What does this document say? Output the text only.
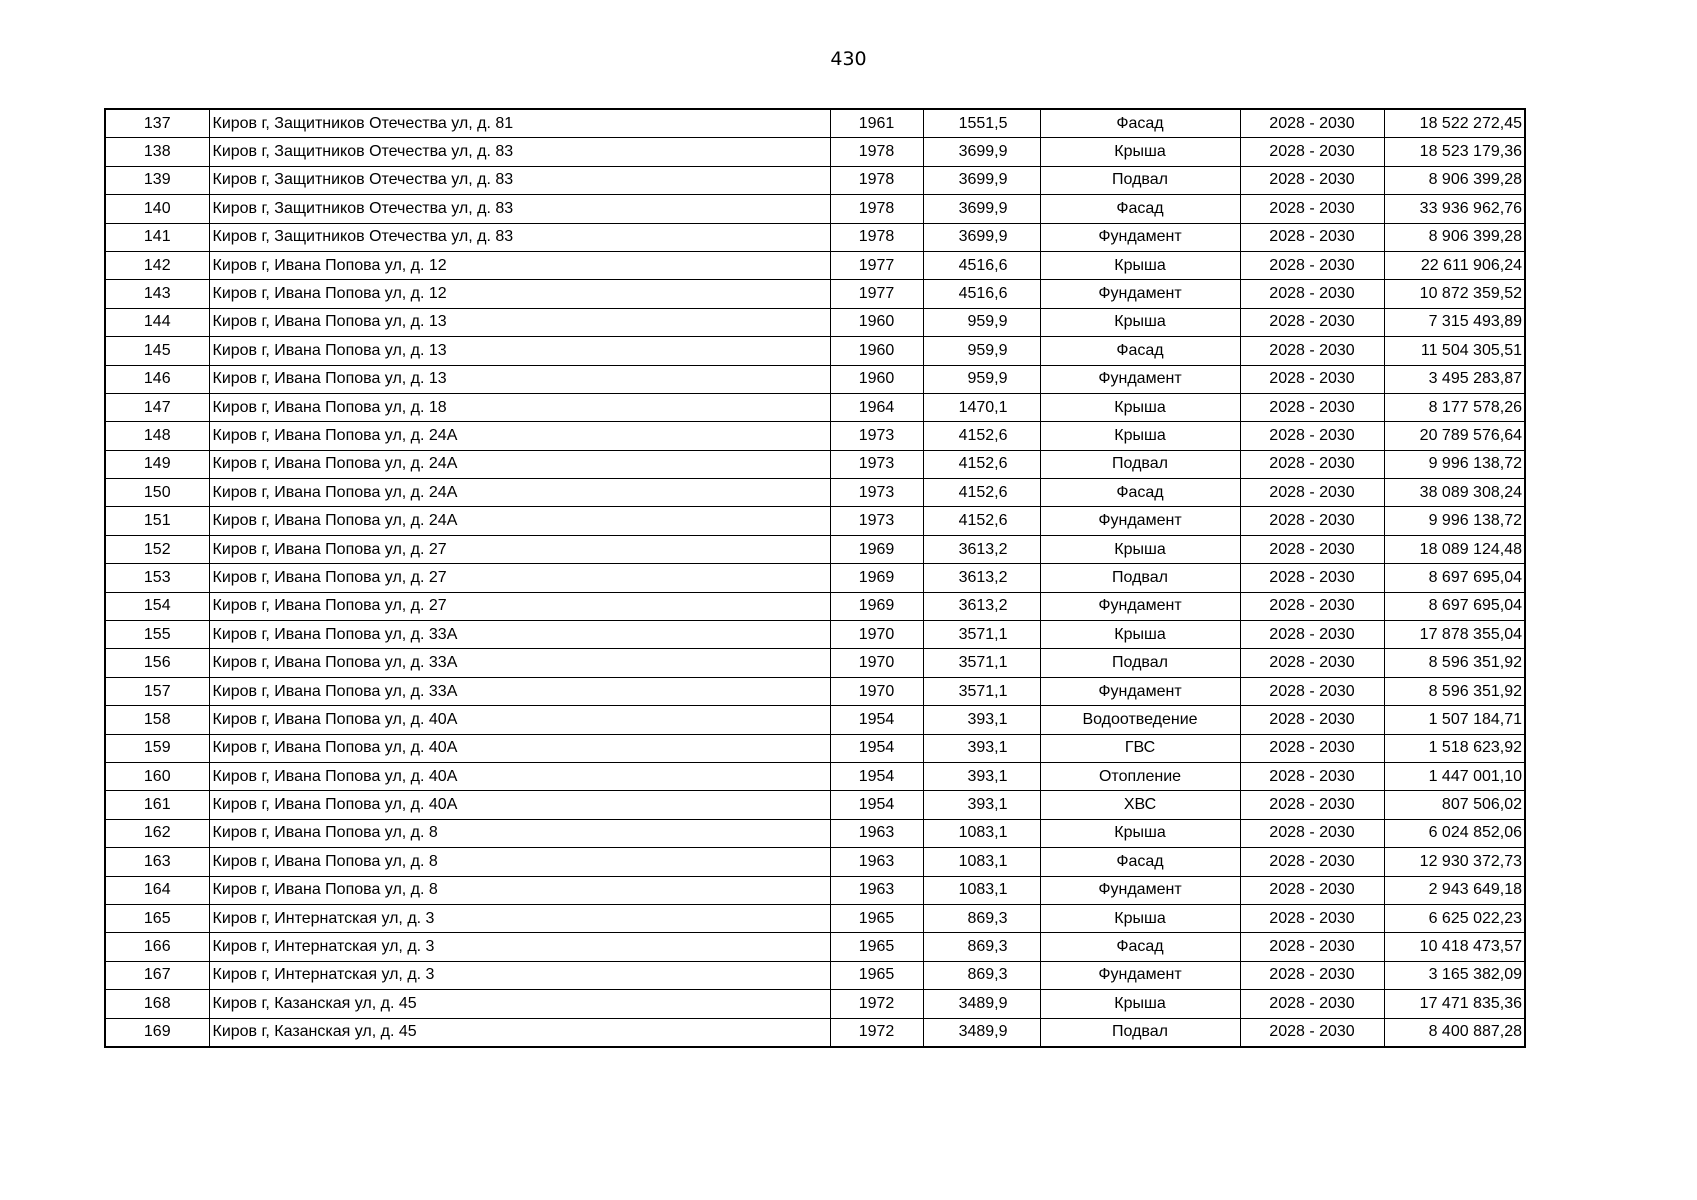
430
137	Киров г, Защитников Отечества ул, д. 81	1961	1551,5	Фасад	2028 - 2030	18 522 272,45
138	Киров г, Защитников Отечества ул, д. 83	1978	3699,9	Крыша	2028 - 2030	18 523 179,36
139	Киров г, Защитников Отечества ул, д. 83	1978	3699,9	Подвал	2028 - 2030	8 906 399,28
140	Киров г, Защитников Отечества ул, д. 83	1978	3699,9	Фасад	2028 - 2030	33 936 962,76
141	Киров г, Защитников Отечества ул, д. 83	1978	3699,9	Фундамент	2028 - 2030	8 906 399,28
142	Киров г, Ивана Попова ул, д. 12	1977	4516,6	Крыша	2028 - 2030	22 611 906,24
143	Киров г, Ивана Попова ул, д. 12	1977	4516,6	Фундамент	2028 - 2030	10 872 359,52
144	Киров г, Ивана Попова ул, д. 13	1960	959,9	Крыша	2028 - 2030	7 315 493,89
145	Киров г, Ивана Попова ул, д. 13	1960	959,9	Фасад	2028 - 2030	11 504 305,51
146	Киров г, Ивана Попова ул, д. 13	1960	959,9	Фундамент	2028 - 2030	3 495 283,87
147	Киров г, Ивана Попова ул, д. 18	1964	1470,1	Крыша	2028 - 2030	8 177 578,26
148	Киров г, Ивана Попова ул, д. 24А	1973	4152,6	Крыша	2028 - 2030	20 789 576,64
149	Киров г, Ивана Попова ул, д. 24А	1973	4152,6	Подвал	2028 - 2030	9 996 138,72
150	Киров г, Ивана Попова ул, д. 24А	1973	4152,6	Фасад	2028 - 2030	38 089 308,24
151	Киров г, Ивана Попова ул, д. 24А	1973	4152,6	Фундамент	2028 - 2030	9 996 138,72
152	Киров г, Ивана Попова ул, д. 27	1969	3613,2	Крыша	2028 - 2030	18 089 124,48
153	Киров г, Ивана Попова ул, д. 27	1969	3613,2	Подвал	2028 - 2030	8 697 695,04
154	Киров г, Ивана Попова ул, д. 27	1969	3613,2	Фундамент	2028 - 2030	8 697 695,04
155	Киров г, Ивана Попова ул, д. 33А	1970	3571,1	Крыша	2028 - 2030	17 878 355,04
156	Киров г, Ивана Попова ул, д. 33А	1970	3571,1	Подвал	2028 - 2030	8 596 351,92
157	Киров г, Ивана Попова ул, д. 33А	1970	3571,1	Фундамент	2028 - 2030	8 596 351,92
158	Киров г, Ивана Попова ул, д. 40А	1954	393,1	Водоотведение	2028 - 2030	1 507 184,71
159	Киров г, Ивана Попова ул, д. 40А	1954	393,1	ГВС	2028 - 2030	1 518 623,92
160	Киров г, Ивана Попова ул, д. 40А	1954	393,1	Отопление	2028 - 2030	1 447 001,10
161	Киров г, Ивана Попова ул, д. 40А	1954	393,1	ХВС	2028 - 2030	807 506,02
162	Киров г, Ивана Попова ул, д. 8	1963	1083,1	Крыша	2028 - 2030	6 024 852,06
163	Киров г, Ивана Попова ул, д. 8	1963	1083,1	Фасад	2028 - 2030	12 930 372,73
164	Киров г, Ивана Попова ул, д. 8	1963	1083,1	Фундамент	2028 - 2030	2 943 649,18
165	Киров г, Интернатская ул, д. 3	1965	869,3	Крыша	2028 - 2030	6 625 022,23
166	Киров г, Интернатская ул, д. 3	1965	869,3	Фасад	2028 - 2030	10 418 473,57
167	Киров г, Интернатская ул, д. 3	1965	869,3	Фундамент	2028 - 2030	3 165 382,09
168	Киров г, Казанская ул, д. 45	1972	3489,9	Крыша	2028 - 2030	17 471 835,36
169	Киров г, Казанская ул, д. 45	1972	3489,9	Подвал	2028 - 2030	8 400 887,28
